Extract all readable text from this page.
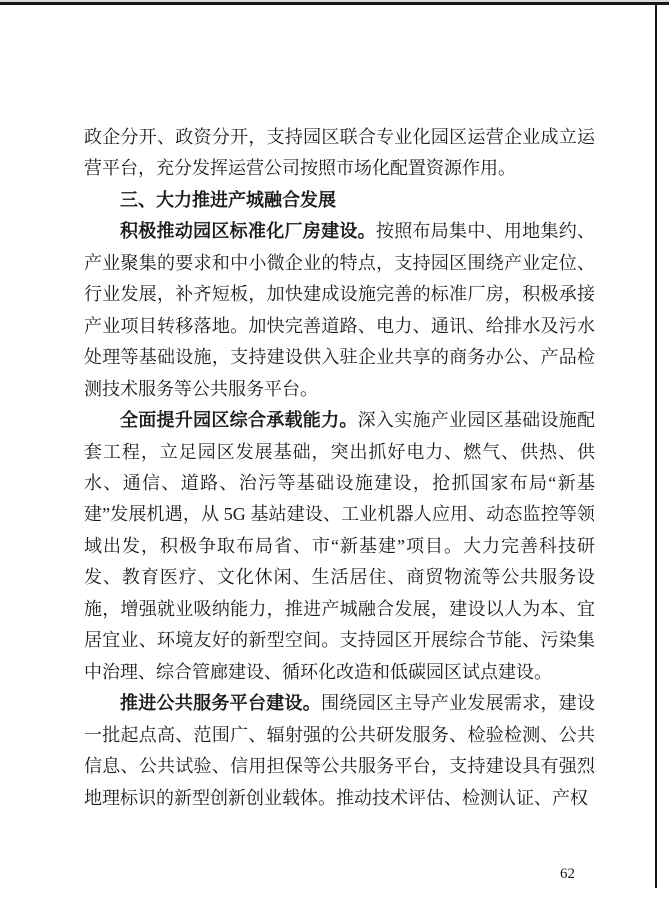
政企分开、政资分开，支持园区联合专业化园区运营企业成立运营平台，充分发挥运营公司按照市场化配置资源作用。

三、大力推进产城融合发展

积极推动园区标准化厂房建设。按照布局集中、用地集约、产业聚集的要求和中小微企业的特点，支持园区围绕产业定位、行业发展，补齐短板，加快建成设施完善的标准厂房，积极承接产业项目转移落地。加快完善道路、电力、通讯、给排水及污水处理等基础设施，支持建设供入驻企业共享的商务办公、产品检测技术服务等公共服务平台。

全面提升园区综合承载能力。深入实施产业园区基础设施配套工程，立足园区发展基础，突出抓好电力、燃气、供热、供水、通信、道路、治污等基础设施建设，抢抓国家布局“新基建”发展机遇，从 5G 基站建设、工业机器人应用、动态监控等领域出发，积极争取布局省、市“新基建”项目。大力完善科技研发、教育医疗、文化休闲、生活居住、商贸物流等公共服务设施，增强就业吸纳能力，推进产城融合发展，建设以人为本、宜居宜业、环境友好的新型空间。支持园区开展综合节能、污染集中治理、综合管廊建设、循环化改造和低碳园区试点建设。

推进公共服务平台建设。围绕园区主导产业发展需求，建设一批起点高、范围广、辐射强的公共研发服务、检验检测、公共信息、公共试验、信用担保等公共服务平台，支持建设具有强烈地理标识的新型创新创业载体。推动技术评估、检测认证、产权

62
